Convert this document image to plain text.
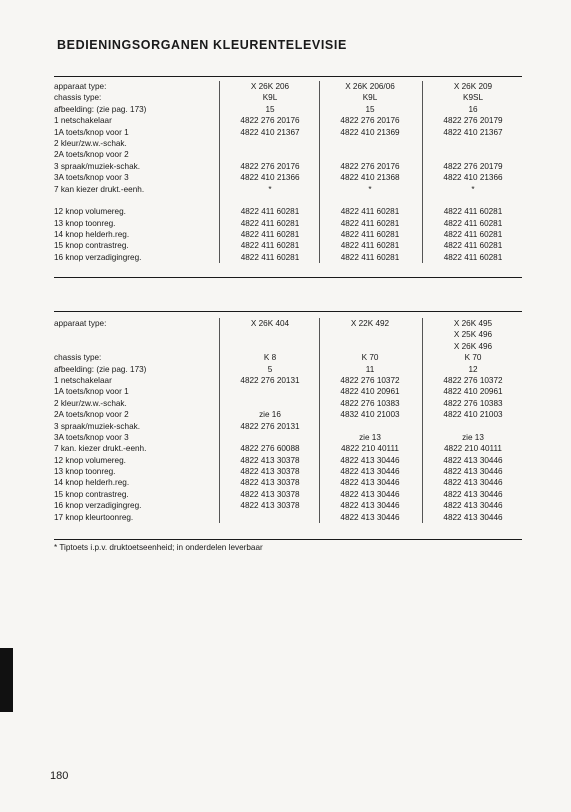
BEDIENINGSORGANEN KLEURENTELEVISIE
apparaat type:
chassis type:
afbeelding: (zie pag. 173)
1 netschakelaar
1A toets/knop voor 1
2 kleur/zw.w.-schak.
2A toets/knop voor 2
3 spraak/muziek-schak.
3A toets/knop voor 3
7 kan kiezer drukt.-eenh.
12 knop volumereg.
13 knop toonreg.
14 knop helderh.reg.
15 knop contrastreg.
16 knop verzadigingreg.
X 26K 206
K9L
15
4822 276 20176
4822 410 21367
4822 276 20176
4822 410 21366
*
4822 411 60281
4822 411 60281
4822 411 60281
4822 411 60281
4822 411 60281
X 26K 206/06
K9L
15
4822 276 20176
4822 410 21369
4822 276 20176
4822 410 21368
*
4822 411 60281
4822 411 60281
4822 411 60281
4822 411 60281
4822 411 60281
X 26K 209
K9SL
16
4822 276 20179
4822 410 21367
4822 276 20179
4822 410 21366
*
4822 411 60281
4822 411 60281
4822 411 60281
4822 411 60281
4822 411 60281
apparaat type:
chassis type:
afbeelding: (zie pag. 173)
1 netschakelaar
1A toets/knop voor 1
2 kleur/zw.w.-schak.
2A toets/knop voor 2
3 spraak/muziek-schak.
3A toets/knop voor 3
7 kan. kiezer drukt.-eenh.
12 knop volumereg.
13 knop toonreg.
14 knop helderh.reg.
15 knop contrastreg.
16 knop verzadigingreg.
17 knop kleurtoonreg.
X 26K 404
K 8
5
4822 276 20131
zie 16
4822 276 20131
4822 276 60088
4822 413 30378
4822 413 30378
4822 413 30378
4822 413 30378
4822 413 30378
X 22K 492
K 70
11
4822 276 10372
4822 410 20961
4822 276 10383
4832 410 21003
zie 13
4822 210 40111
4822 413 30446
4822 413 30446
4822 413 30446
4822 413 30446
4822 413 30446
4822 413 30446
X 26K 495
X 25K 496
X 26K 496
K 70
12
4822 276 10372
4822 410 20961
4822 276 10383
4822 410 21003
zie 13
4822 210 40111
4822 413 30446
4822 413 30446
4822 413 30446
4822 413 30446
4822 413 30446
4822 413 30446
* Tiptoets i.p.v. druktoetseenheid; in onderdelen leverbaar
180
